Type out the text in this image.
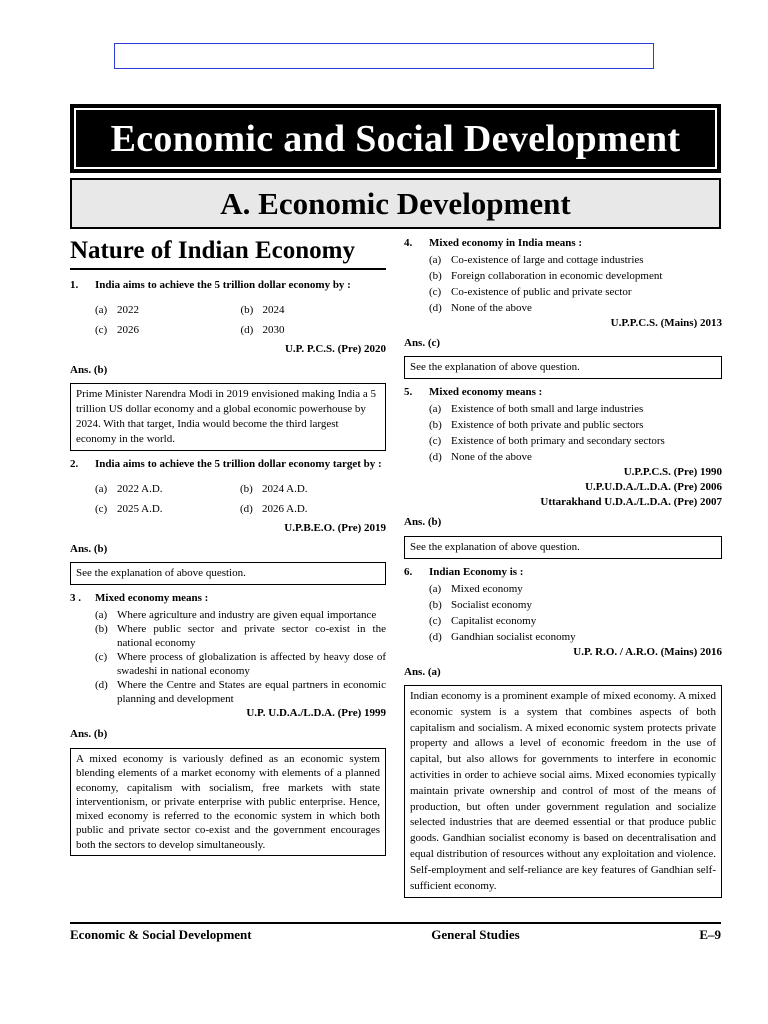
Economic and Social Development
A. Economic Development
Nature of Indian Economy
1.	India aims to achieve the 5 trillion dollar economy by :
(a) 2022	(b) 2024
(c) 2026	(d) 2030
U.P. P.C.S. (Pre) 2020
Ans. (b)
Prime Minister Narendra Modi in 2019 envisioned making India a 5 trillion US dollar economy and a global economic powerhouse by 2024. With that target, India would become the third largest economy in the world.
2.	India aims to achieve the 5 trillion dollar economy target by :
(a) 2022 A.D.	(b) 2024 A.D.
(c) 2025 A.D.	(d) 2026 A.D.
U.P.B.E.O. (Pre) 2019
Ans. (b)
See the explanation of above question.
3 .	Mixed economy means :
(a) Where agriculture and industry are given equal importance
(b) Where public sector and private sector co-exist in the national economy
(c) Where process of globalization is affected by heavy dose of swadeshi in national economy
(d) Where the Centre and States are equal partners in economic planning and development
U.P. U.D.A./L.D.A. (Pre) 1999
Ans. (b)
A mixed economy is variously defined as an economic system blending elements of a market economy with elements of a planned economy, capitalism with socialism, free markets with state interventionism, or private enterprise with public enterprise. Hence, mixed economy is referred to the economic system in which both public and private sector co-exist and the government encourages both the sectors to develop simultaneously.
4.	Mixed economy in India means :
(a) Co-existence of large and cottage industries
(b) Foreign collaboration in economic development
(c) Co-existence of public and private sector
(d) None of the above
U.P.P.C.S. (Mains) 2013
Ans. (c)
See the explanation of above question.
5.	Mixed economy means :
(a) Existence of both small and large industries
(b) Existence of both private and public sectors
(c) Existence of both primary and secondary sectors
(d) None of the above
U.P.P.C.S. (Pre) 1990
U.P.U.D.A./L.D.A. (Pre) 2006
Uttarakhand U.D.A./L.D.A. (Pre) 2007
Ans. (b)
See the explanation of above question.
6.	Indian Economy is :
(a) Mixed economy
(b) Socialist economy
(c) Capitalist economy
(d) Gandhian socialist economy
U.P. R.O. / A.R.O. (Mains) 2016
Ans. (a)
Indian economy is a prominent example of mixed economy. A mixed economic system is a system that combines aspects of both capitalism and socialism. A mixed economic system protects private property and allows a level of economic freedom in the use of capital, but also allows for governments to interfere in economic activities in order to achieve social aims. Mixed economies typically maintain private ownership and control of most of the means of production, but often under government regulation and socialize selected industries that are deemed essential or that produce public goods. Gandhian socialist economy is based on decentralisation and equal distribution of resources without any exploitation and violence. Self-employment and self-reliance are key features of Gandhian self-sufficient economy.
Economic & Social Development	General Studies	E–9
